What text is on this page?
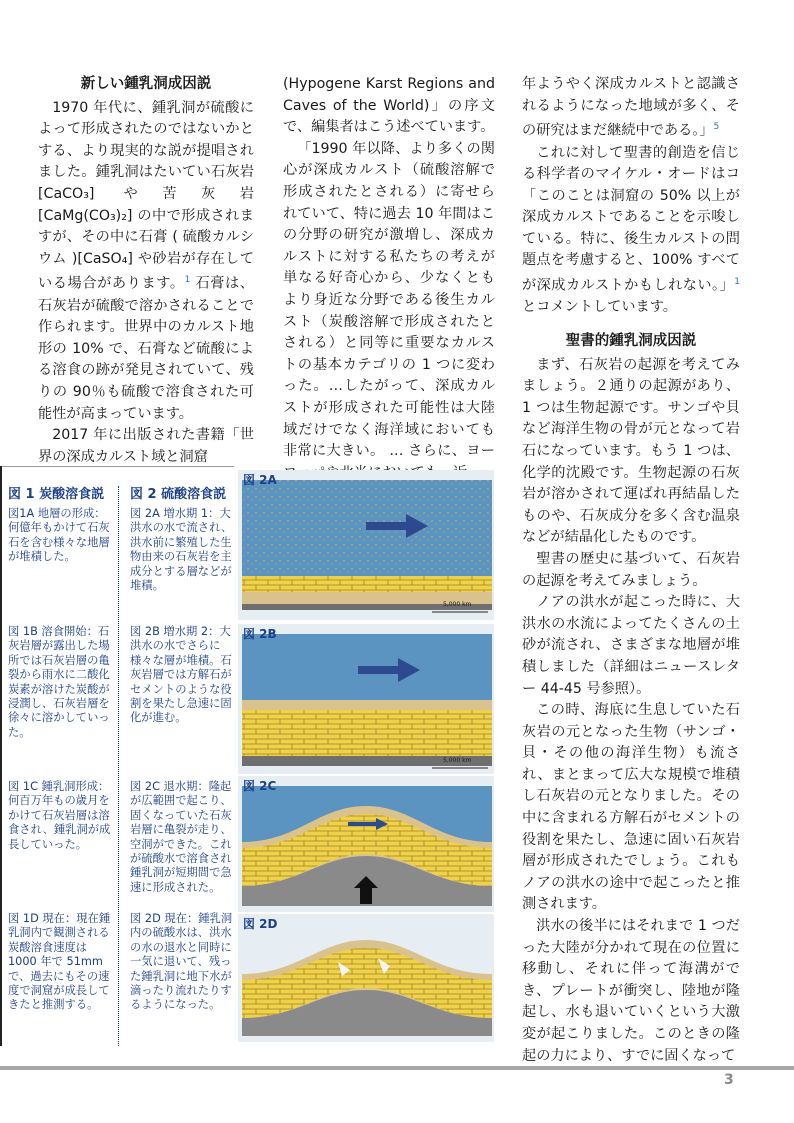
新しい鍾乳洞成因説

1970 年代に、鍾乳洞が硫酸によって形成されたのではないかとする、より現実的な説が提唱されました。鍾乳洞はたいてい石灰岩 [CaCO₃] や苦灰岩 [CaMg(CO₃)₂] の中で形成されますが、その中に石膏 ( 硫酸カルシウム )[CaSO₄] や砂岩が存在している場合があります。$^1$ 石膏は、石灰岩が硫酸で溶かされることで作られます。世界中のカルスト地形の 10% で、石膏など硫酸による溶食の跡が発見されていて、残りの 90％も硫酸で溶食された可能性が高まっています。

2017 年に出版された書籍「世界の深成カルスト域と洞窟

(Hypogene Karst Regions and Caves of the World)」の序文で、編集者はこう述べています。

「1990 年以降、より多くの関心が深成カルスト（硫酸溶解で形成されたとされる）に寄せられていて、特に過去 10 年間はこの分野の研究が激増し、深成カルストに対する私たちの考えが単なる好奇心から、少なくともより身近な分野である後生カルスト（炭酸溶解で形成されたとされる）と同等に重要なカルストの基本カテゴリの 1 つに変わった。…したがって、深成カルストが形成された可能性は大陸域だけでなく海洋域においても非常に大きい。 … さらに、ヨー

年ようやく深成カルストと認識されるようになった地域が多く、その研究はまだ継続中である。」$^5$

これに対して聖書的創造を信じる科学者のマイケル・オードはコ「このことは洞窟の 50% 以上が深成カルストであることを示唆している。特に、後生カルストの問題点を考慮すると、100% すべてが深成カルストかもしれない。」$^1$ とコメントしています。

聖書的鍾乳洞成因説

まず、石灰岩の起源を考えてみましょう。２通りの起源があり、1 つは生物起源です。サンゴや貝など海洋生物の骨が元となって岩石になっています。もう 1 つは、化学的沈殿です。生物起源の石灰岩が溶かされて運ばれ再結晶したものや、石灰成分を多く含む温泉などが結晶化したものです。

聖書の歴史に基づいて、石灰岩の起源を考えてみましょう。

ノアの洪水が起こった時に、大洪水の水流によってたくさんの土砂が流され、さまざまな地層が堆積しました（詳細はニュースレター 44-45 号参照）。

この時、海底に生息していた石灰岩の元となった生物（サンゴ・貝・その他の海洋生物）も流され、まとまって広大な規模で堆積し石灰岩の元となりました。その中に含まれる方解石がセメントの役割を果たし、急速に固い石灰岩層が形成されたでしょう。これもノアの洪水の途中で起こったと推測されます。

洪水の後半にはそれまで 1 つだった大陸が分かれて現在の位置に移動し、それに伴って海溝ができ、プレートが衝突し、陸地が隆起し、水も退いていくという大激変が起こりました。このときの隆起の力により、すでに固くなって

図 1 炭酸溶食説
図1A 地層の形成：何億年もかけて石灰石を含む様々な地層が堆積した。
図 1B 溶食開始：石灰岩層が露出した場所では石灰岩層の亀裂から雨水に二酸化炭素が溶けた炭酸が浸潤し、石灰岩層を徐々に溶かしていった。
図 1C 鍾乳洞形成：何百万年もの歳月をかけて石灰岩層は溶食され、鍾乳洞が成長していった。
図 1D 現在：現在鍾乳洞内で観測される炭酸溶食速度は 1000 年で 51mm で、過去にもその速度で洞窟が成長してきたと推測する。
図 2 硫酸溶食説
図 2A 増水期 1：大洪水の水で流され、洪水前に繁殖した生物由来の石灰岩を主成分とする層などが堆積。
図 2B 増水期 2：大洪水の水でさらに様々な層が堆積。石灰岩層では方解石がセメントのような役割を果たし急速に固化が進む。
図 2C 退水期：隆起が広範囲で起こり、固くなっていた石灰岩層に亀裂が走り、空洞ができた。これが硫酸水で溶食され鍾乳洞が短期間で急速に形成された。
図 2D 現在：鍾乳洞内の硫酸水は、洪水の水の退水と同時に一気に退いて、残った鍾乳洞に地下水が滴ったり流れたりするようになった。
図 2A
5,000 km
図 2B
5,000 km
図 2C
図 2D
3
